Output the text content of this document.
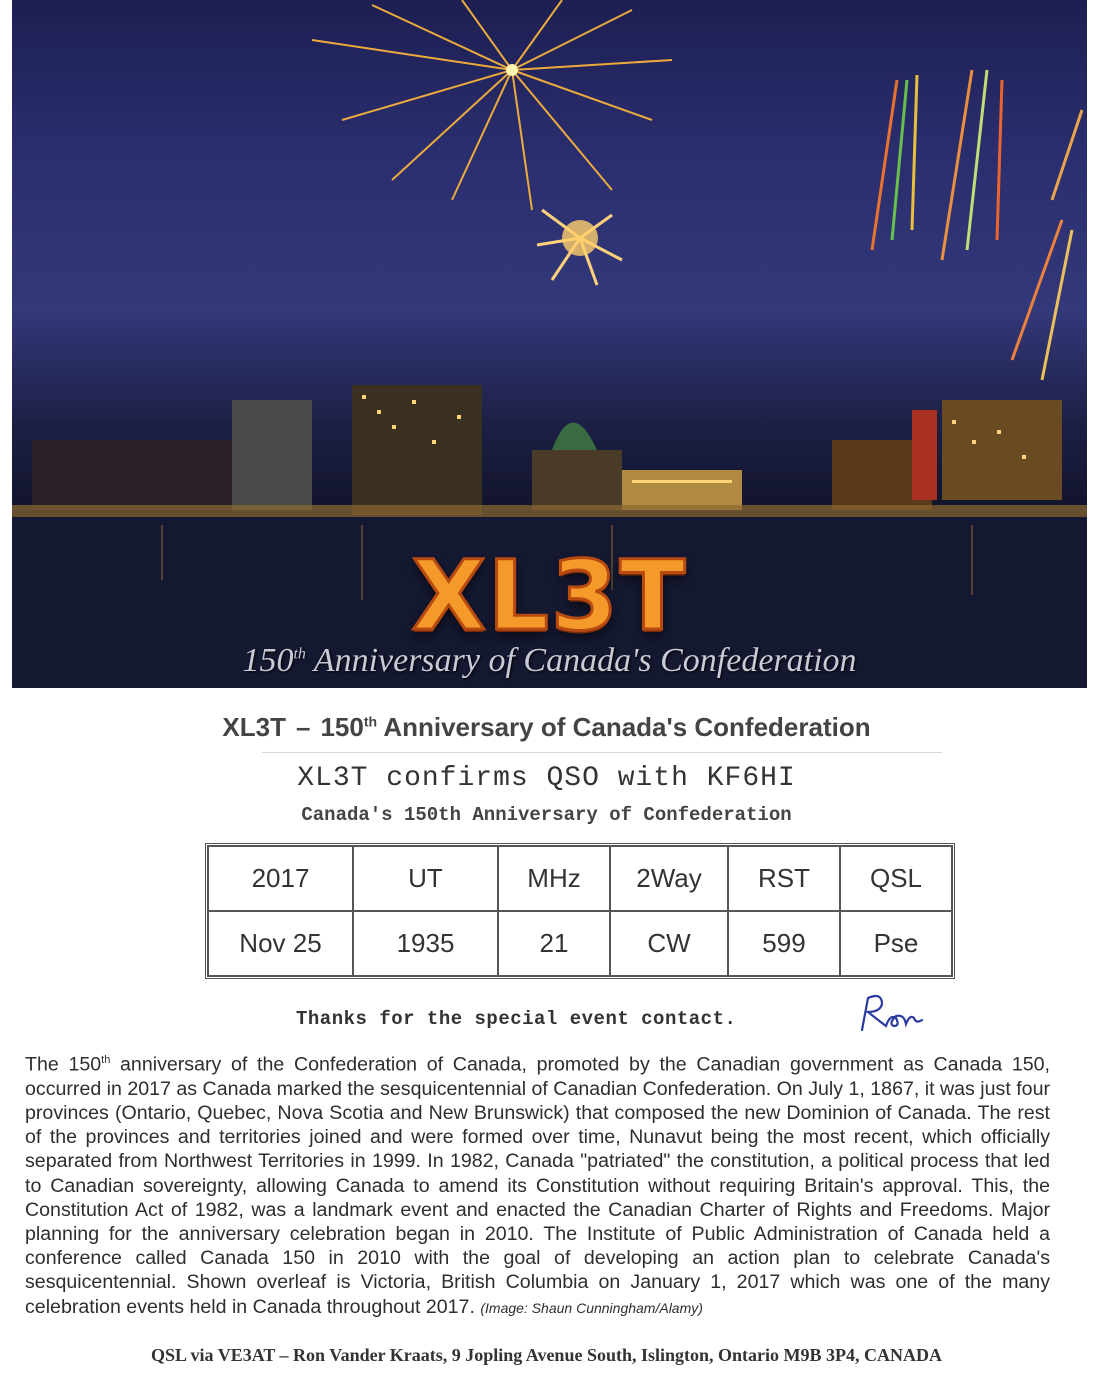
XL3T
150th Anniversary of Canada's Confederation
XL3T – 150th Anniversary of Canada's Confederation
XL3T confirms QSO with KF6HI
Canada's 150th Anniversary of Confederation
2017	UT	MHz	2Way	RST	QSL
Nov 25	1935	21	CW	599	Pse
Thanks for the special event contact.
The 150th anniversary of the Confederation of Canada, promoted by the Canadian government as Canada 150, occurred in 2017 as Canada marked the sesquicentennial of Canadian Confederation. On July 1, 1867, it was just four provinces (Ontario, Quebec, Nova Scotia and New Brunswick) that composed the new Dominion of Canada. The rest of the provinces and territories joined and were formed over time, Nunavut being the most recent, which officially separated from Northwest Territories in 1999. In 1982, Canada "patriated" the constitution, a political process that led to Canadian sovereignty, allowing Canada to amend its Constitution without requiring Britain's approval. This, the Constitution Act of 1982, was a landmark event and enacted the Canadian Charter of Rights and Freedoms. Major planning for the anniversary celebration began in 2010. The Institute of Public Administration of Canada held a conference called Canada 150 in 2010 with the goal of developing an action plan to celebrate Canada's sesquicentennial. Shown overleaf is Victoria, British Columbia on January 1, 2017 which was one of the many celebration events held in Canada throughout 2017. (Image: Shaun Cunningham/Alamy)
QSL via VE3AT – Ron Vander Kraats, 9 Jopling Avenue South, Islington, Ontario M9B 3P4, CANADA
